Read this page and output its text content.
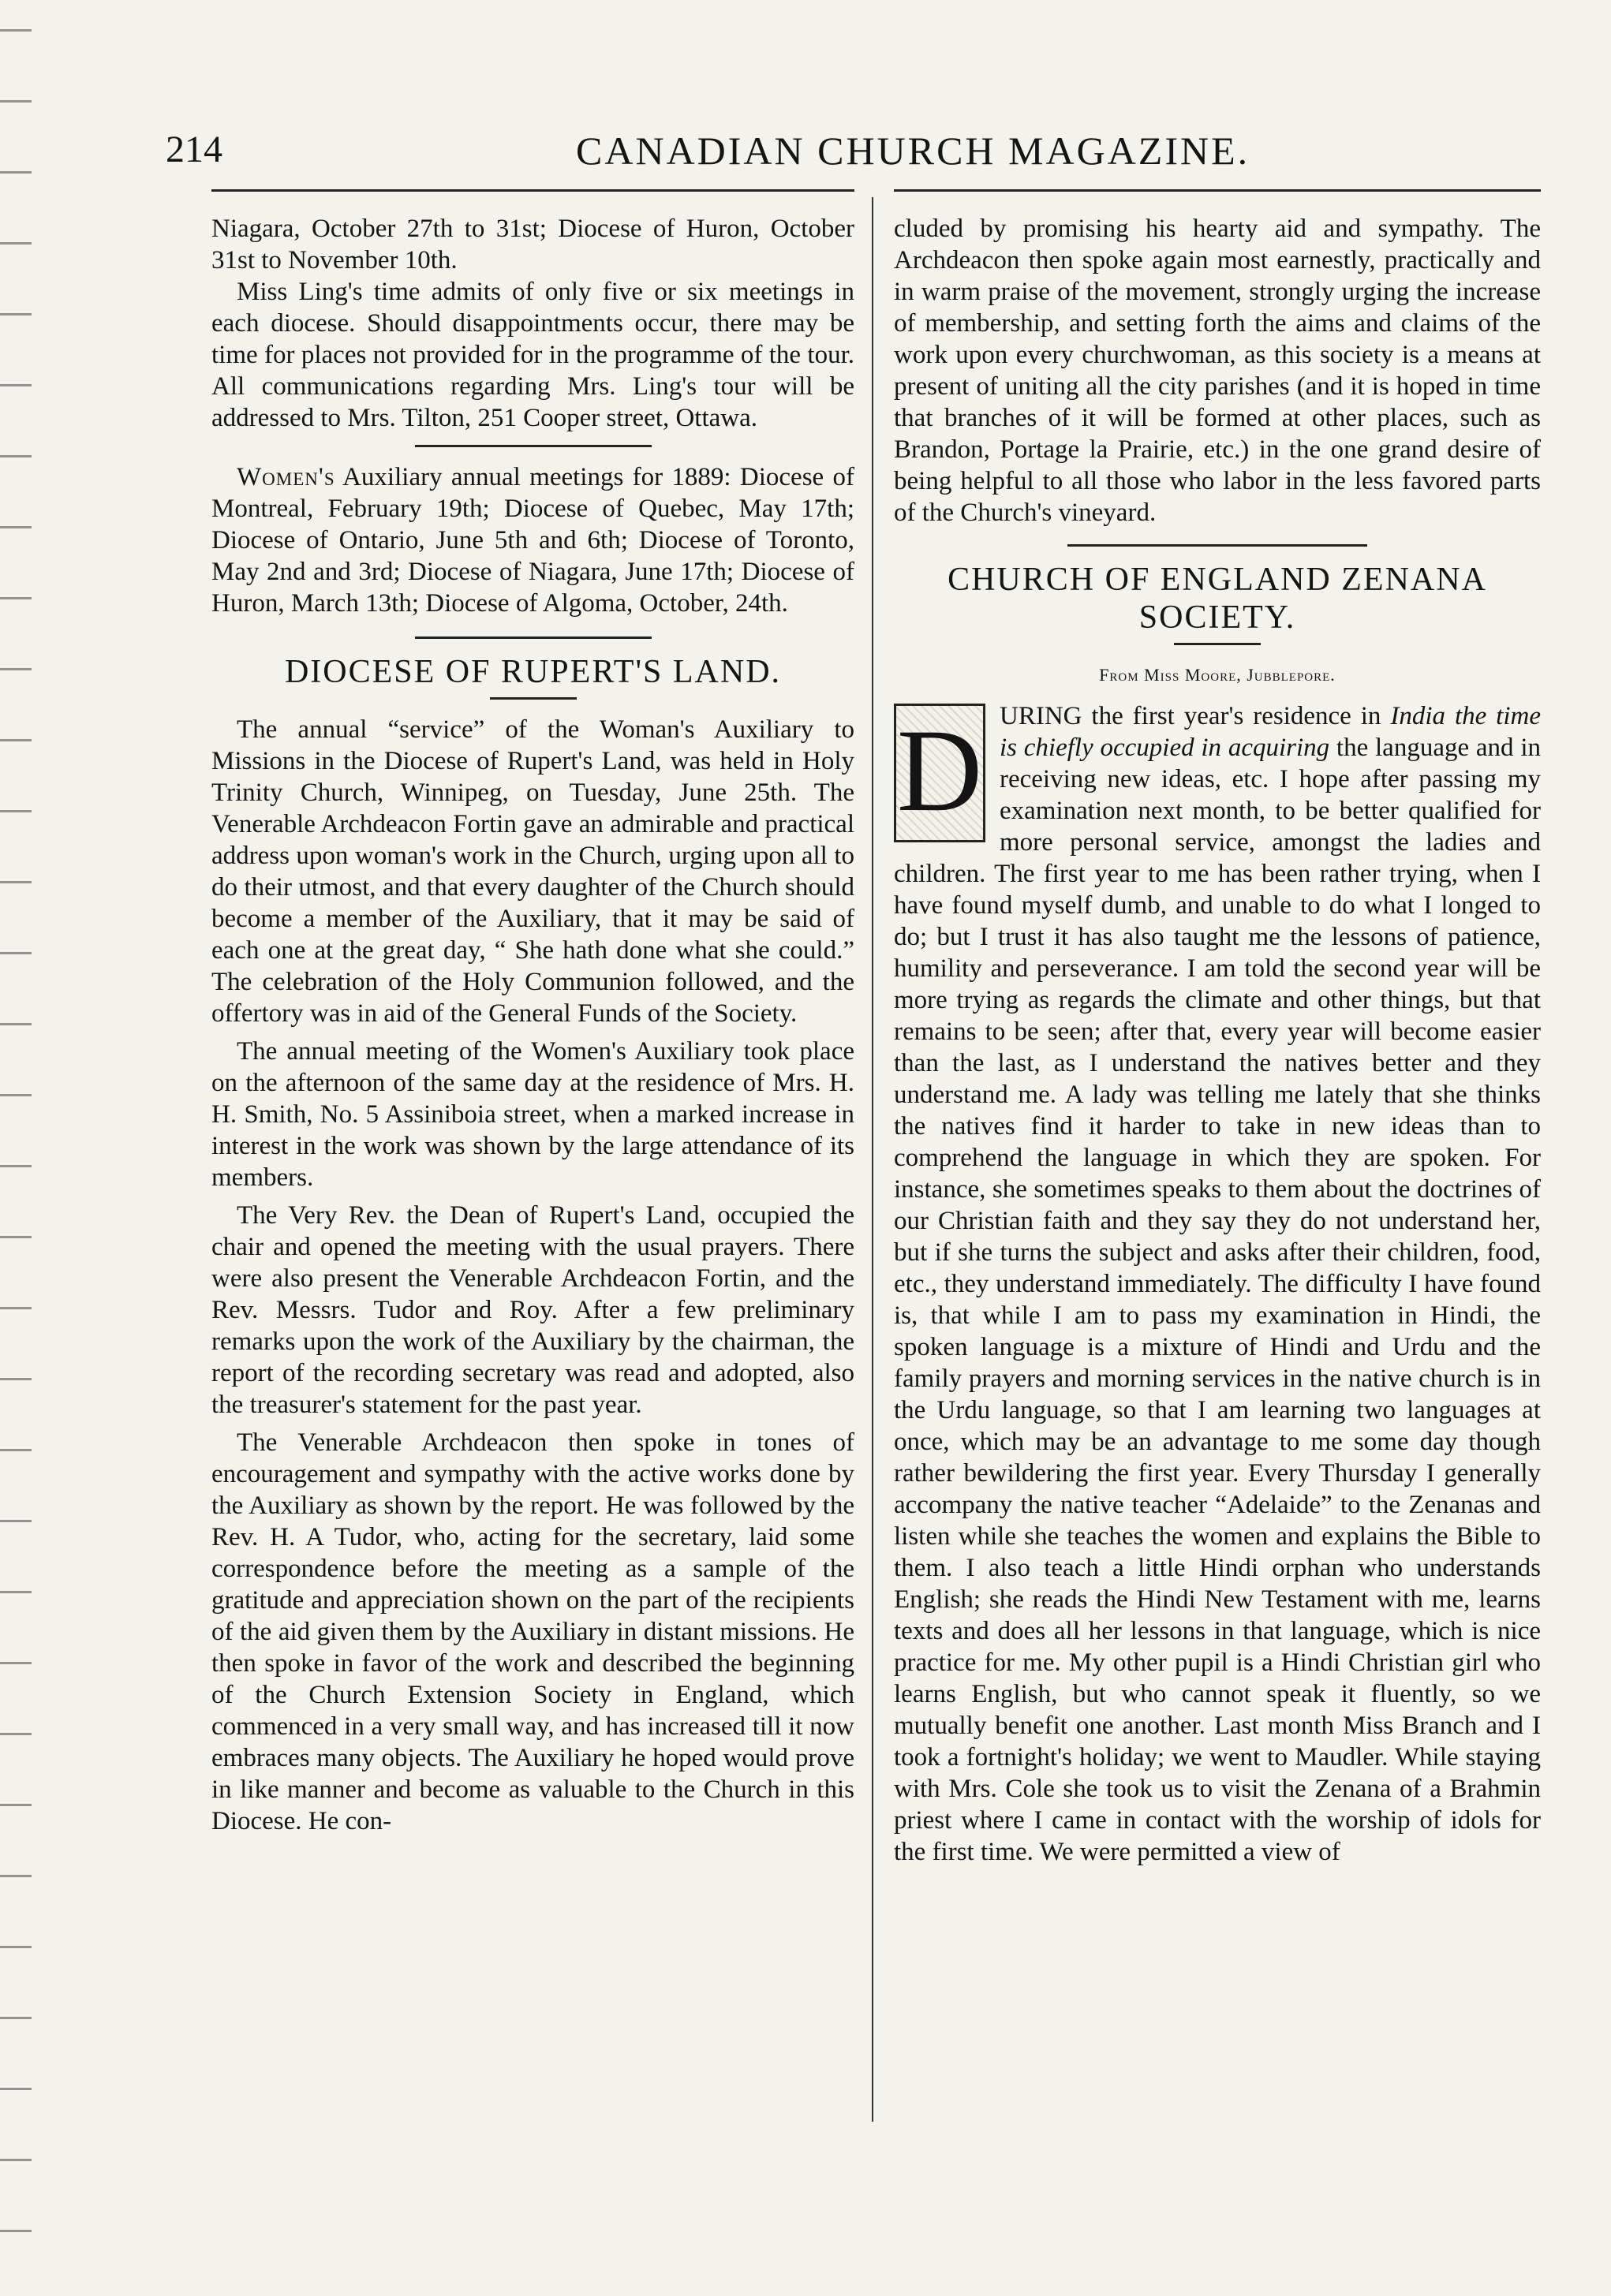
214	CANADIAN CHURCH MAGAZINE.

Niagara, October 27th to 31st; Diocese of Huron, October 31st to November 10th.

Miss Ling's time admits of only five or six meetings in each diocese. Should disappointments occur, there may be time for places not provided for in the programme of the tour. All communications regarding Mrs. Ling's tour will be addressed to Mrs. Tilton, 251 Cooper street, Ottawa.

Women's Auxiliary annual meetings for 1889: Diocese of Montreal, February 19th; Diocese of Quebec, May 17th; Diocese of Ontario, June 5th and 6th; Diocese of Toronto, May 2nd and 3rd; Diocese of Niagara, June 17th; Diocese of Huron, March 13th; Diocese of Algoma, October, 24th.

DIOCESE OF RUPERT'S LAND.

The annual “service” of the Woman's Auxiliary to Missions in the Diocese of Rupert's Land, was held in Holy Trinity Church, Winnipeg, on Tuesday, June 25th. The Venerable Archdeacon Fortin gave an admirable and practical address upon woman's work in the Church, urging upon all to do their utmost, and that every daughter of the Church should become a member of the Auxiliary, that it may be said of each one at the great day, “ She hath done what she could.” The celebration of the Holy Communion followed, and the offertory was in aid of the General Funds of the Society.

The annual meeting of the Women's Auxiliary took place on the afternoon of the same day at the residence of Mrs. H. H. Smith, No. 5 Assiniboia street, when a marked increase in interest in the work was shown by the large attendance of its members.

The Very Rev. the Dean of Rupert's Land, occupied the chair and opened the meeting with the usual prayers. There were also present the Venerable Archdeacon Fortin, and the Rev. Messrs. Tudor and Roy. After a few preliminary remarks upon the work of the Auxiliary by the chairman, the report of the recording secretary was read and adopted, also the treasurer's statement for the past year.

The Venerable Archdeacon then spoke in tones of encouragement and sympathy with the active works done by the Auxiliary as shown by the report. He was followed by the Rev. H. A Tudor, who, acting for the secretary, laid some correspondence before the meeting as a sample of the gratitude and appreciation shown on the part of the recipients of the aid given them by the Auxiliary in distant missions. He then spoke in favor of the work and described the beginning of the Church Extension Society in England, which commenced in a very small way, and has increased till it now embraces many objects. The Auxiliary he hoped would prove in like manner and become as valuable to the Church in this Diocese. He con-

cluded by promising his hearty aid and sympathy. The Archdeacon then spoke again most earnestly, practically and in warm praise of the movement, strongly urging the increase of membership, and setting forth the aims and claims of the work upon every churchwoman, as this society is a means at present of uniting all the city parishes (and it is hoped in time that branches of it will be formed at other places, such as Brandon, Portage la Prairie, etc.) in the one grand desire of being helpful to all those who labor in the less favored parts of the Church's vineyard.

CHURCH OF ENGLAND ZENANA SOCIETY.
From Miss Moore, Jubblepore.

D URING the first year's residence in India the time is chiefly occupied in acquiring the language and in receiving new ideas, etc. I hope after passing my examination next month, to be better qualified for more personal service, amongst the ladies and children. The first year to me has been rather trying, when I have found myself dumb, and unable to do what I longed to do; but I trust it has also taught me the lessons of patience, humility and perseverance. I am told the second year will be more trying as regards the climate and other things, but that remains to be seen; after that, every year will become easier than the last, as I understand the natives better and they understand me. A lady was telling me lately that she thinks the natives find it harder to take in new ideas than to comprehend the language in which they are spoken. For instance, she sometimes speaks to them about the doctrines of our Christian faith and they say they do not understand her, but if she turns the subject and asks after their children, food, etc., they understand immediately. The difficulty I have found is, that while I am to pass my examination in Hindi, the spoken language is a mixture of Hindi and Urdu and the family prayers and morning services in the native church is in the Urdu language, so that I am learning two languages at once, which may be an advantage to me some day though rather bewildering the first year. Every Thursday I generally accompany the native teacher “Adelaide” to the Zenanas and listen while she teaches the women and explains the Bible to them. I also teach a little Hindi orphan who understands English; she reads the Hindi New Testament with me, learns texts and does all her lessons in that language, which is nice practice for me. My other pupil is a Hindi Christian girl who learns English, but who cannot speak it fluently, so we mutually benefit one another. Last month Miss Branch and I took a fortnight's holiday; we went to Maudler. While staying with Mrs. Cole she took us to visit the Zenana of a Brahmin priest where I came in contact with the worship of idols for the first time. We were permitted a view of
